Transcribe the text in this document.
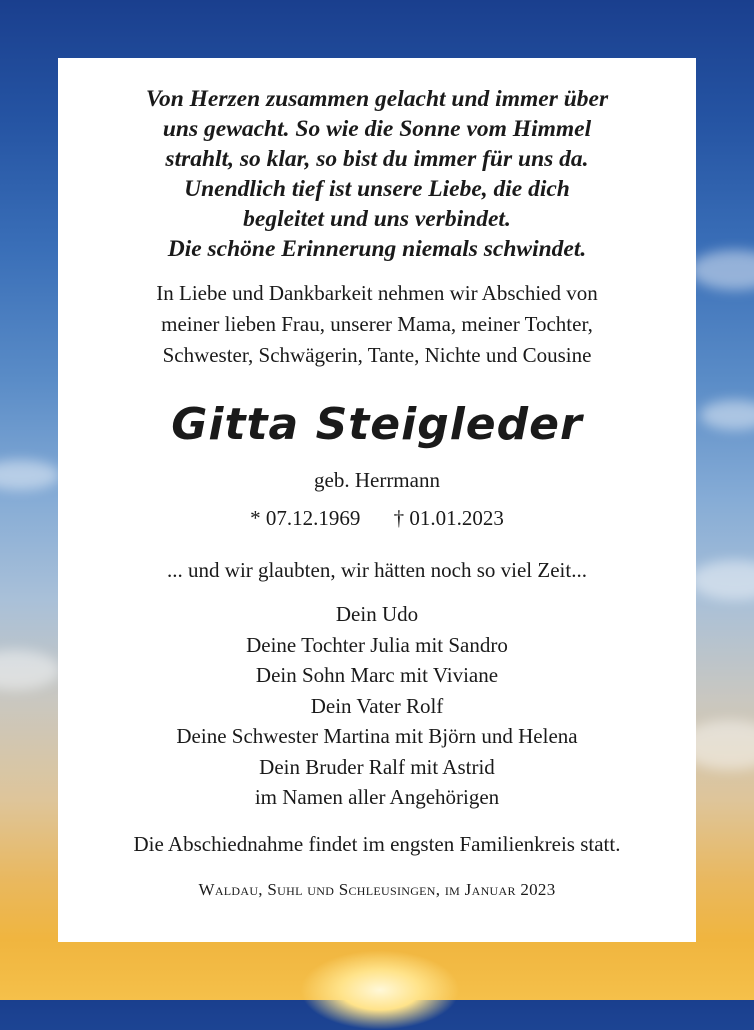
Von Herzen zusammen gelacht und immer über
uns gewacht. So wie die Sonne vom Himmel
strahlt, so klar, so bist du immer für uns da.
Unendlich tief ist unsere Liebe, die dich
begleitet und uns verbindet.
Die schöne Erinnerung niemals schwindet.
In Liebe und Dankbarkeit nehmen wir Abschied von
meiner lieben Frau, unserer Mama, meiner Tochter,
Schwester, Schwägerin, Tante, Nichte und Cousine
Gitta Steigleder
geb. Herrmann
* 07.12.1969 † 01.01.2023
... und wir glaubten, wir hätten noch so viel Zeit...
Dein Udo
Deine Tochter Julia mit Sandro
Dein Sohn Marc mit Viviane
Dein Vater Rolf
Deine Schwester Martina mit Björn und Helena
Dein Bruder Ralf mit Astrid
im Namen aller Angehörigen
Die Abschiednahme findet im engsten Familienkreis statt.
Waldau, Suhl und Schleusingen, im Januar 2023
